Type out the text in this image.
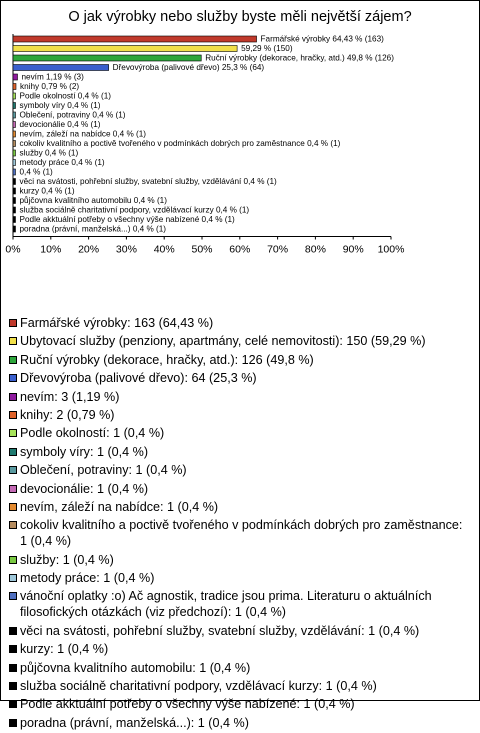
O jak výrobky nebo služby byste měli největší zájem?
Farmářské výrobky 64,43 % (163)
59,29 % (150)
Ruční výrobky (dekorace, hračky, atd.) 49,8 % (126)
Dřevovýroba (palivové dřevo) 25,3 % (64)
nevím 1,19 % (3)
knihy 0,79 % (2)
Podle okolností 0,4 % (1)
symboly víry 0,4 % (1)
Oblečení, potraviny 0,4 % (1)
devocionálie 0,4 % (1)
nevím, záleží na nabídce 0,4 % (1)
cokoliv kvalitního a poctivě tvořeného v podmínkách dobrých pro zaměstnance 0,4 % (1)
služby 0,4 % (1)
metody práce 0,4 % (1)
0,4 % (1)
věci na svátosti, pohřební služby, svatební služby, vzdělávání 0,4 % (1)
kurzy 0,4 % (1)
půjčovna kvalitního automobilu 0,4 % (1)
služba sociálně charitativní podpory, vzdělávací kurzy 0,4 % (1)
Podle akktuální potřeby o všechny výše nabízené 0,4 % (1)
poradna (právní, manželská...) 0,4 % (1)
0% 10% 20% 30% 40% 50% 60% 70% 80% 90% 100%
Farmářské výrobky: 163 (64,43 %)
Ubytovací služby (penziony, apartmány, celé nemovitosti): 150 (59,29 %)
Ruční výrobky (dekorace, hračky, atd.): 126 (49,8 %)
Dřevovýroba (palivové dřevo): 64 (25,3 %)
nevím: 3 (1,19 %)
knihy: 2 (0,79 %)
Podle okolností: 1 (0,4 %)
symboly víry: 1 (0,4 %)
Oblečení, potraviny: 1 (0,4 %)
devocionálie: 1 (0,4 %)
nevím, záleží na nabídce: 1 (0,4 %)
cokoliv kvalitního a poctivě tvořeného v podmínkách dobrých pro zaměstnance: 1 (0,4 %)
služby: 1 (0,4 %)
metody práce: 1 (0,4 %)
vánoční oplatky :o) Ač agnostik, tradice jsou prima. Literaturu o aktuálních filosofických otázkách (viz předchozí): 1 (0,4 %)
věci na svátosti, pohřební služby, svatební služby, vzdělávání: 1 (0,4 %)
kurzy: 1 (0,4 %)
půjčovna kvalitního automobilu: 1 (0,4 %)
služba sociálně charitativní podpory, vzdělávací kurzy: 1 (0,4 %)
Podle akktuální potřeby o všechny výše nabízené: 1 (0,4 %)
poradna (právní, manželská...): 1 (0,4 %)
